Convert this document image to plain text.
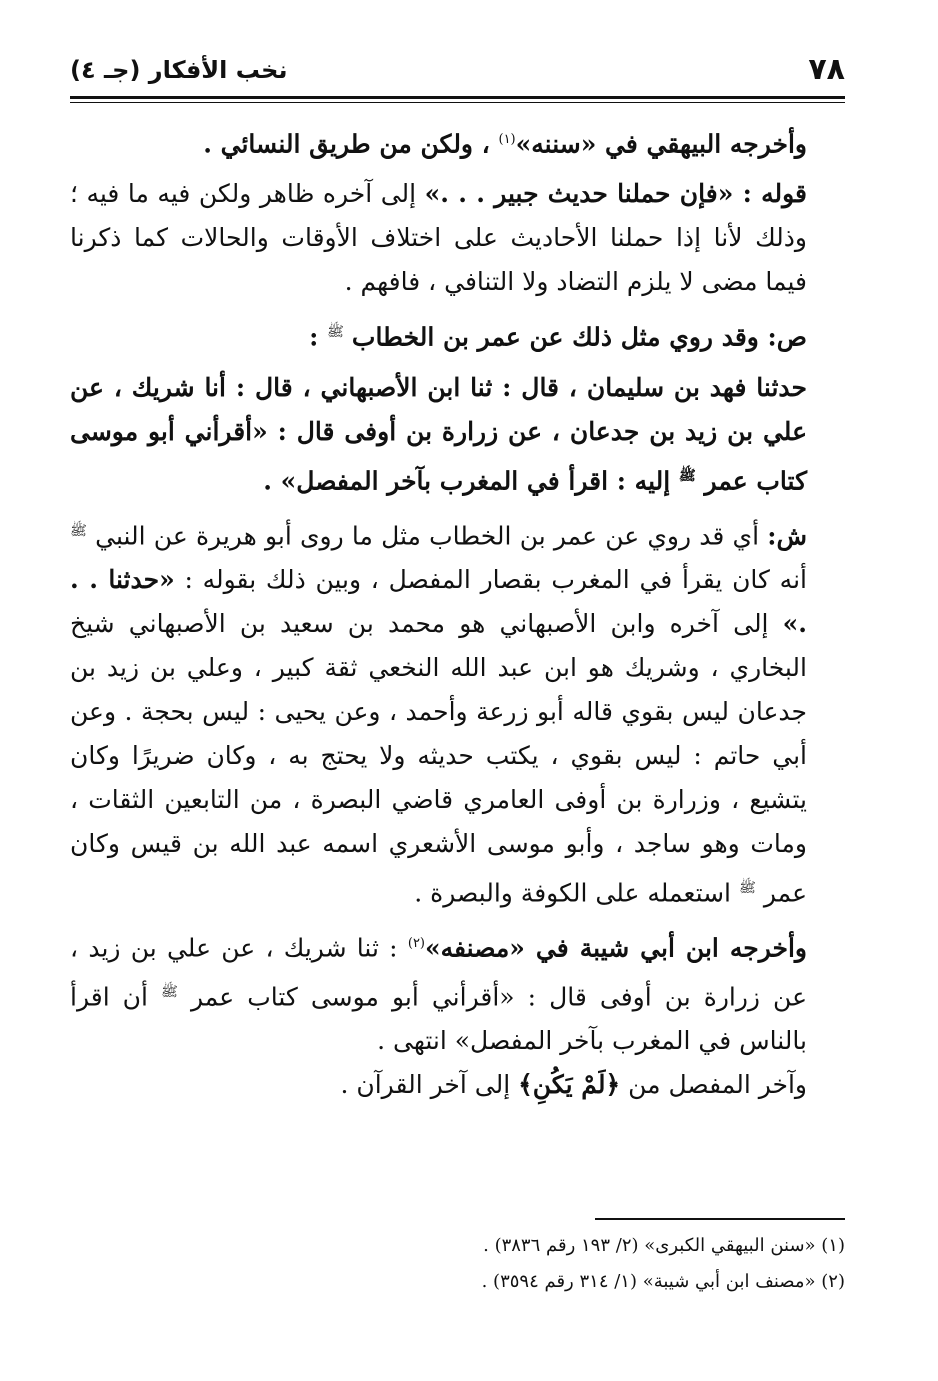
٧٨
نخب الأفكار (جـ ٤)

وأخرجه البيهقي في «سننه»$^{(١)}$ ، ولكن من طريق النسائي .

قوله : «فإن حملنا حديث جبير . . .» إلى آخره ظاهر ولكن فيه ما فيه ؛ وذلك لأنا إذا حملنا الأحاديث على اختلاف الأوقات والحالات كما ذكرنا فيما مضى لا يلزم التضاد ولا التنافي ، فافهم .

ص: وقد روي مثل ذلك عن عمر بن الخطاب $^ﷺ$ :

حدثنا فهد بن سليمان ، قال : ثنا ابن الأصبهاني ، قال : أنا شريك ، عن علي بن زيد بن جدعان ، عن زرارة بن أوفى قال : «أقرأني أبو موسى كتاب عمر $^ﷺ$ إليه : اقرأ في المغرب بآخر المفصل» .

ش: أي قد روي عن عمر بن الخطاب مثل ما روى أبو هريرة عن النبي $^ﷺ$ أنه كان يقرأ في المغرب بقصار المفصل ، وبين ذلك بقوله : «حدثنا . . .» إلى آخره وابن الأصبهاني هو محمد بن سعيد بن الأصبهاني شيخ البخاري ، وشريك هو ابن عبد الله النخعي ثقة كبير ، وعلي بن زيد بن جدعان ليس بقوي قاله أبو زرعة وأحمد ، وعن يحيى : ليس بحجة . وعن أبي حاتم : ليس بقوي ، يكتب حديثه ولا يحتج به ، وكان ضريرًا وكان يتشيع ، وزرارة بن أوفى العامري قاضي البصرة ، من التابعين الثقات ، ومات وهو ساجد ، وأبو موسى الأشعري اسمه عبد الله بن قيس وكان عمر $^ﷺ$ استعمله على الكوفة والبصرة .

وأخرجه ابن أبي شيبة في «مصنفه»$^{(٢)}$ : ثنا شريك ، عن علي بن زيد ، عن زرارة بن أوفى قال : «أقرأني أبو موسى كتاب عمر $^ﷺ$ أن اقرأ بالناس في المغرب بآخر المفصل» انتهى .

وآخر المفصل من ﴿لَمْ يَكُنِ﴾ إلى آخر القرآن .

(١) «سنن البيهقي الكبرى» (٢/ ١٩٣ رقم ٣٨٣٦) .

(٢) «مصنف ابن أبي شيبة» (١/ ٣١٤ رقم ٣٥٩٤) .
